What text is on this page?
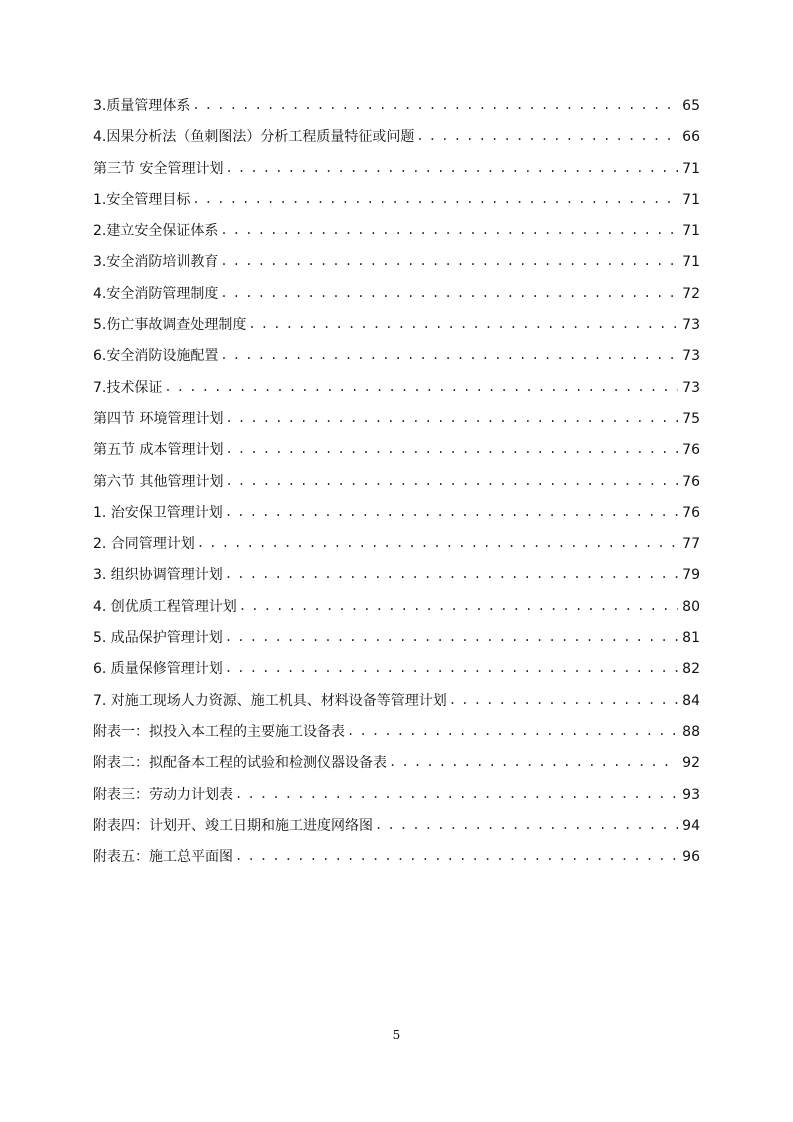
3.质量管理体系 . . .	65
4.因果分析法（鱼刺图法）分析工程质量特征或问题 . . .	66
第三节 安全管理计划 . . .	71
1.安全管理目标 . . .	71
2.建立安全保证体系 . . .	71
3.安全消防培训教育 . . .	71
4.安全消防管理制度 . . .	72
5.伤亡事故调查处理制度 . . .	73
6.安全消防设施配置 . . .	73
7.技术保证 . . .	73
第四节 环境管理计划 . . .	75
第五节 成本管理计划 . . .	76
第六节 其他管理计划 . . .	76
1. 治安保卫管理计划 . . .	76
2. 合同管理计划 . . .	77
3. 组织协调管理计划 . . .	79
4. 创优质工程管理计划 . . .	80
5. 成品保护管理计划 . . .	81
6. 质量保修管理计划 . . .	82
7. 对施工现场人力资源、施工机具、材料设备等管理计划 . . .	84
附表一：拟投入本工程的主要施工设备表 . . .	88
附表二：拟配备本工程的试验和检测仪器设备表 . . .	92
附表三：劳动力计划表 . . .	93
附表四：计划开、竣工日期和施工进度网络图 . . .	94
附表五：施工总平面图 . . .	96
5
